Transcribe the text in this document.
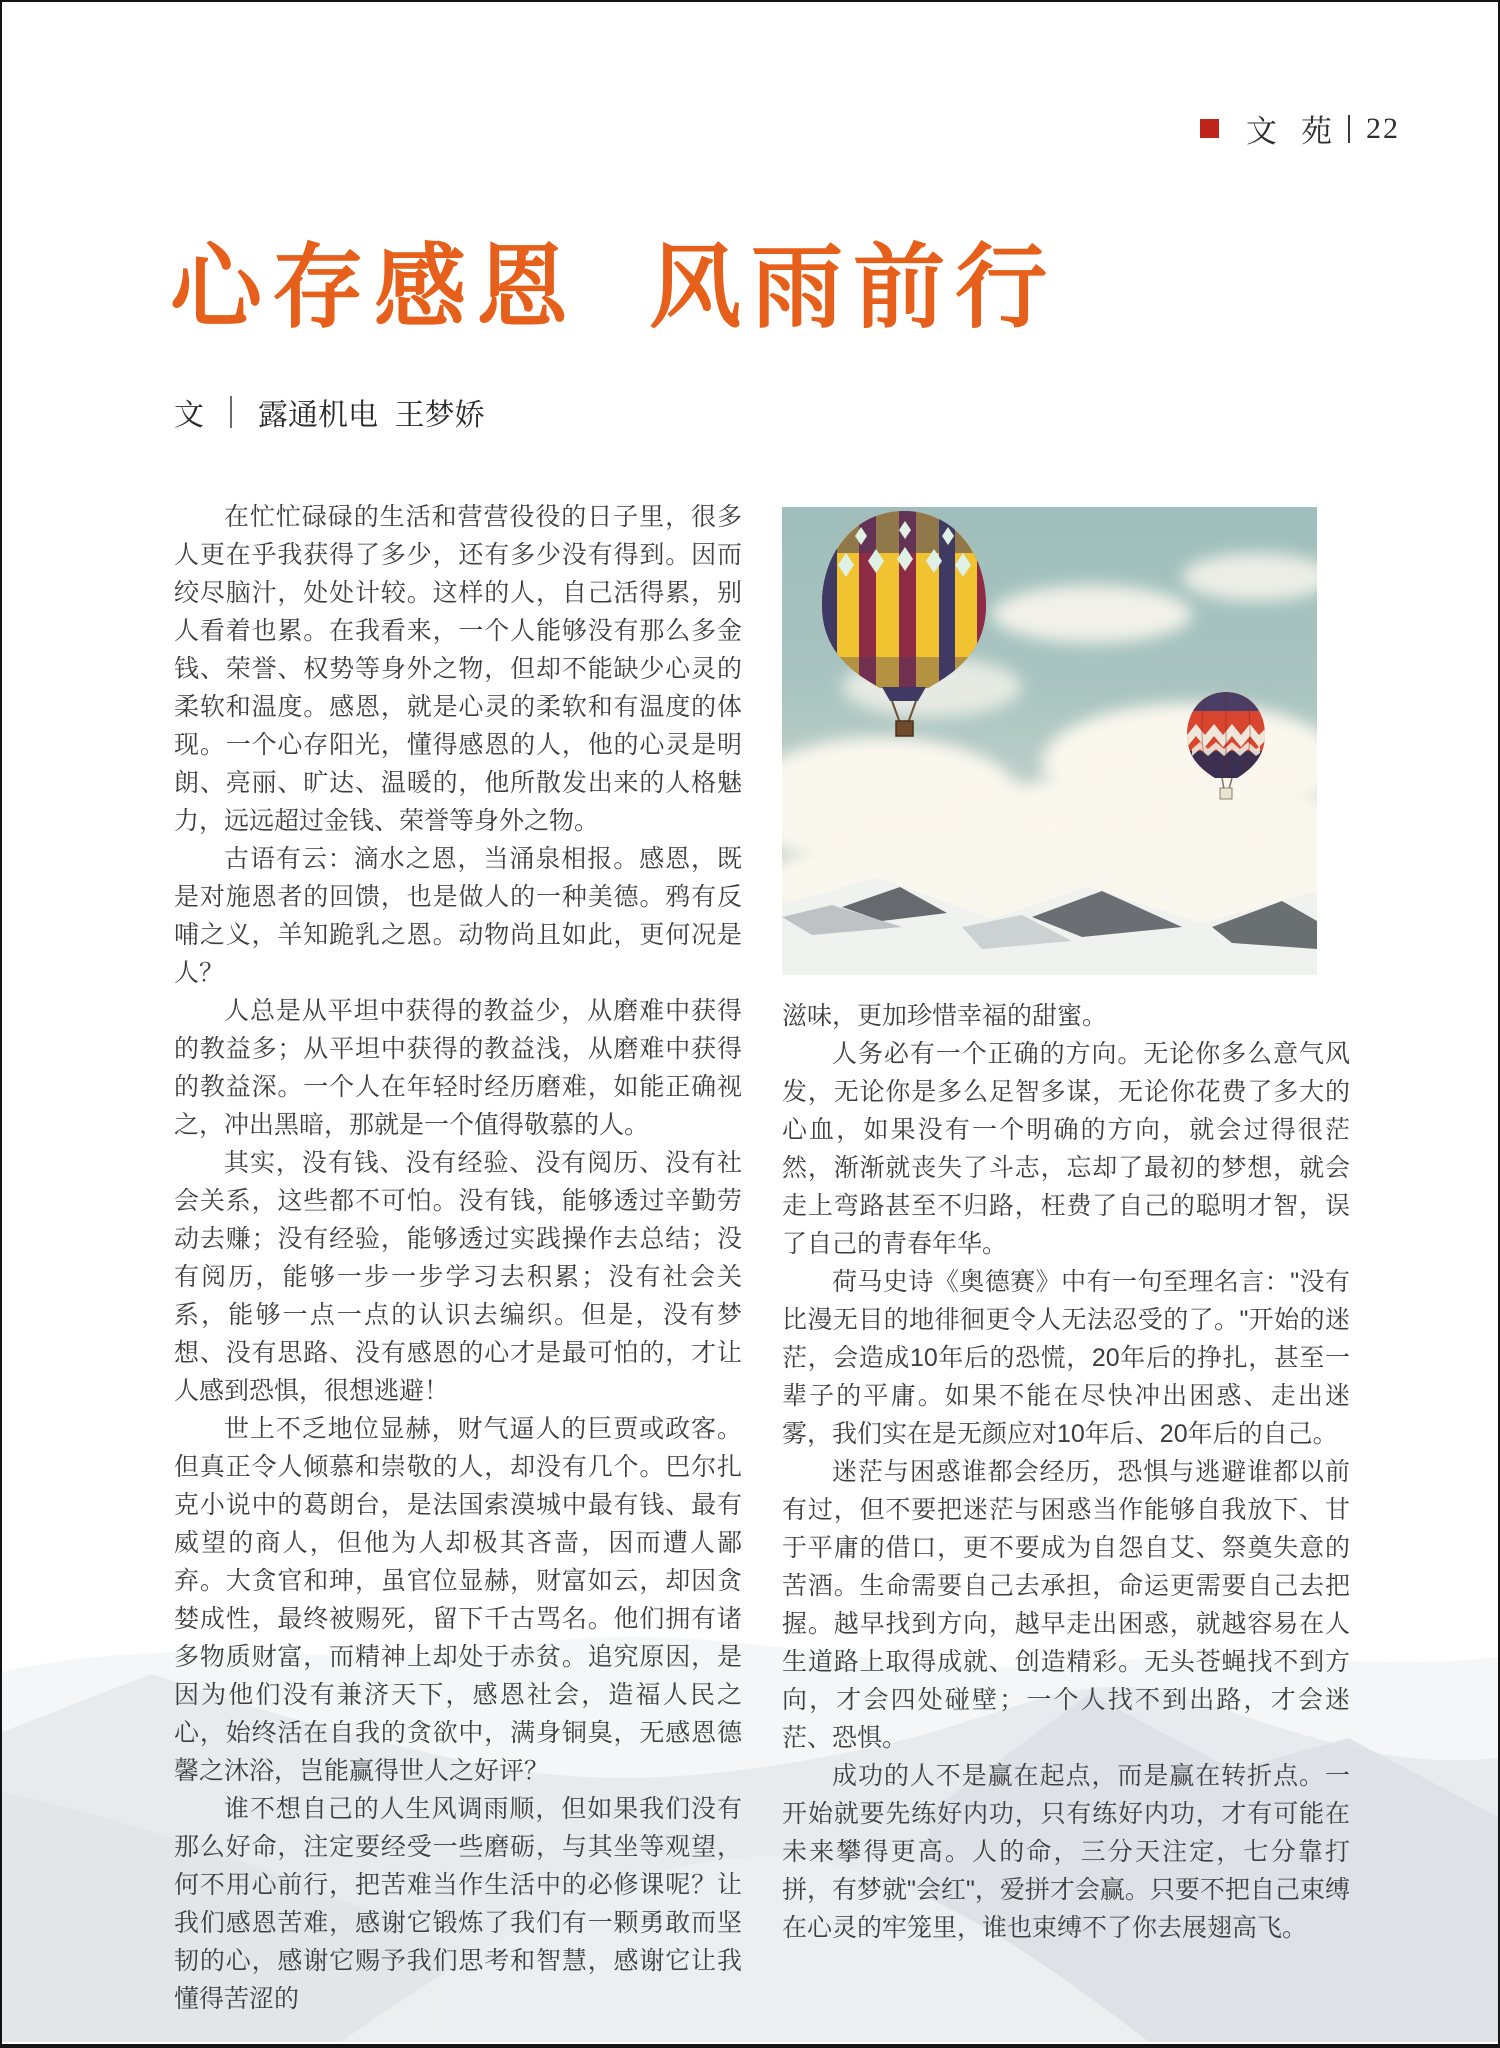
文 苑 22
心存感恩  风雨前行
文 露通机电  王梦娇

在忙忙碌碌的生活和营营役役的日子里，很多人更在乎我获得了多少，还有多少没有得到。因而绞尽脑汁，处处计较。这样的人，自己活得累，别人看着也累。在我看来，一个人能够没有那么多金钱、荣誉、权势等身外之物，但却不能缺少心灵的柔软和温度。感恩，就是心灵的柔软和有温度的体现。一个心存阳光，懂得感恩的人，他的心灵是明朗、亮丽、旷达、温暖的，他所散发出来的人格魅力，远远超过金钱、荣誉等身外之物。

古语有云：滴水之恩，当涌泉相报。感恩，既是对施恩者的回馈，也是做人的一种美德。鸦有反哺之义，羊知跪乳之恩。动物尚且如此，更何况是人？

人总是从平坦中获得的教益少，从磨难中获得的教益多；从平坦中获得的教益浅，从磨难中获得的教益深。一个人在年轻时经历磨难，如能正确视之，冲出黑暗，那就是一个值得敬慕的人。

其实，没有钱、没有经验、没有阅历、没有社会关系，这些都不可怕。没有钱，能够透过辛勤劳动去赚；没有经验，能够透过实践操作去总结；没有阅历，能够一步一步学习去积累；没有社会关系，能够一点一点的认识去编织。但是，没有梦想、没有思路、没有感恩的心才是最可怕的，才让人感到恐惧，很想逃避！

世上不乏地位显赫，财气逼人的巨贾或政客。但真正令人倾慕和崇敬的人，却没有几个。巴尔扎克小说中的葛朗台，是法国索漠城中最有钱、最有威望的商人，但他为人却极其吝啬，因而遭人鄙弃。大贪官和珅，虽官位显赫，财富如云，却因贪婪成性，最终被赐死，留下千古骂名。他们拥有诸多物质财富，而精神上却处于赤贫。追究原因，是因为他们没有兼济天下，感恩社会，造福人民之心，始终活在自我的贪欲中，满身铜臭，无感恩德馨之沐浴，岂能赢得世人之好评？

谁不想自己的人生风调雨顺，但如果我们没有那么好命，注定要经受一些磨砺，与其坐等观望，何不用心前行，把苦难当作生活中的必修课呢？让我们感恩苦难，感谢它锻炼了我们有一颗勇敢而坚韧的心，感谢它赐予我们思考和智慧，感谢它让我懂得苦涩的

滋味，更加珍惜幸福的甜蜜。

人务必有一个正确的方向。无论你多么意气风发，无论你是多么足智多谋，无论你花费了多大的心血，如果没有一个明确的方向，就会过得很茫然，渐渐就丧失了斗志，忘却了最初的梦想，就会走上弯路甚至不归路，枉费了自己的聪明才智，误了自己的青春年华。

荷马史诗《奥德赛》中有一句至理名言："没有比漫无目的地徘徊更令人无法忍受的了。"开始的迷茫，会造成10年后的恐慌，20年后的挣扎，甚至一辈子的平庸。如果不能在尽快冲出困惑、走出迷雾，我们实在是无颜应对10年后、20年后的自己。

迷茫与困惑谁都会经历，恐惧与逃避谁都以前有过，但不要把迷茫与困惑当作能够自我放下、甘于平庸的借口，更不要成为自怨自艾、祭奠失意的苦酒。生命需要自己去承担，命运更需要自己去把握。越早找到方向，越早走出困惑，就越容易在人生道路上取得成就、创造精彩。无头苍蝇找不到方向，才会四处碰壁；一个人找不到出路，才会迷茫、恐惧。

成功的人不是赢在起点，而是赢在转折点。一开始就要先练好内功，只有练好内功，才有可能在未来攀得更高。人的命，三分天注定，七分靠打拼，有梦就"会红"，爱拼才会赢。只要不把自己束缚在心灵的牢笼里，谁也束缚不了你去展翅高飞。
